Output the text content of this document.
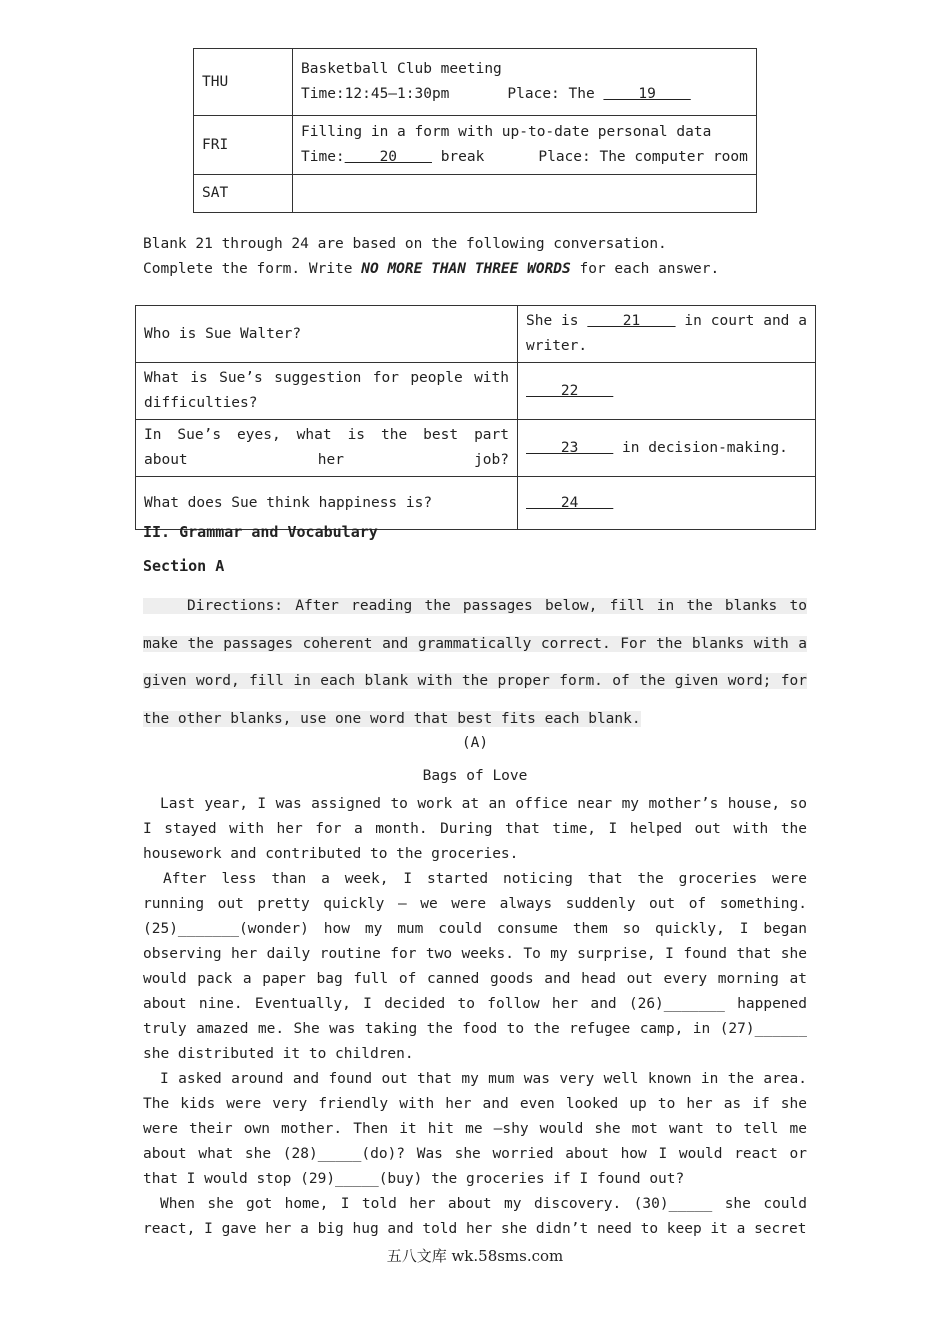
THU	Basketball Club meeting
Time:12:45—1:30pm Place: The     19

FRI	Filling in a form with up-to-date personal data
Time:    20     break Place: The computer room

SAT	
Blank 21 through 24 are based on the following conversation.
Complete the form. Write NO MORE THAN THREE WORDS for each answer.
Who is Sue Walter?	She is     21     in court and a writer.
What is Sue’s suggestion for people with difficulties?	22
In Sue’s eyes, what is the best part about her job?	23     in decision-making.
What does Sue think happiness is?	24
II. Grammar and Vocabulary
Section A

Directions: After reading the passages below, fill in the blanks to make the passages coherent and grammatically correct. For the blanks with a given word, fill in each blank with the proper form. of the given word; for the other blanks, use one word that best fits each blank.

(A)
Bags of Love

Last year, I was assigned to work at an office near my mother’s house, so I stayed with her for a month. During that time, I helped out with the housework and contributed to the groceries.

After less than a week, I started noticing that the groceries were running out pretty quickly — we were always suddenly out of something. (25)_______(wonder) how my mum could consume them so quickly, I began observing her daily routine for two weeks. To my surprise, I found that she would pack a paper bag full of canned goods and head out every morning at about nine. Eventually, I decided to follow her and (26)_______ happened truly amazed me. She was taking the food to the refugee camp, in (27)______ she distributed it to children.

I asked around and found out that my mum was very well known in the area. The kids were very friendly with her and even looked up to her as if she were their own mother. Then it hit me —shy would she mot want to tell me about what she (28)_____(do)? Was she worried about how I would react or that I would stop (29)_____(buy) the groceries if I found out?

When she got home, I told her about my discovery. (30)_____ she could react, I gave her a big hug and told her she didn’t need to keep it a secret

五八文库 wk.58sms.com
